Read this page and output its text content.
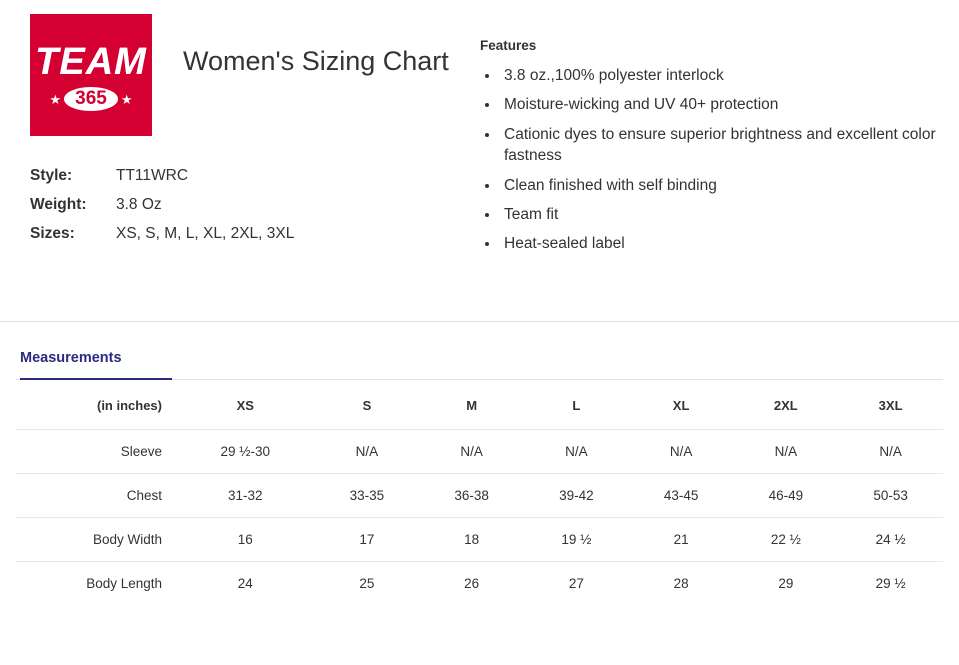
TEAM
★ 365	★
Style:	TT11WRC
Weight:	3.8 Oz
Sizes:	XS, S, M, L, XL, 2XL, 3XL
Women's Sizing Chart
Features
• 3.8 oz.,100% polyester interlock
• Moisture-wicking and UV 40+ protection
• Cationic dyes to ensure superior brightness and excellent color fastness
• Clean finished with self binding
• Team fit
• Heat-sealed label
Measurements
(in inches)	XS	S	M	L	XL	2XL	3XL
Sleeve	29 ½-30	N/A	N/A	N/A	N/A	N/A	N/A
Chest	31-32	33-35	36-38	39-42	43-45	46-49	50-53
Body Width	16	17	18	19 ½	21	22 ½	24 ½
Body Length	24	25	26	27	28	29	29 ½
